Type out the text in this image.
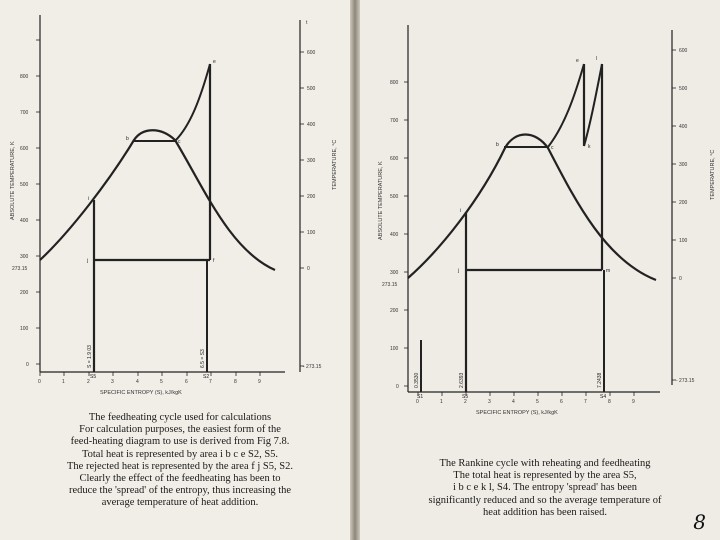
800
700
600
500
400
300
273.15
200
100
0
t
600
500
400
300
200
100
0
- 273.15
0	1	2	3	4	5	6	7	8	9
SPECIFIC ENTROPY (S), kJ/kgK
ABSOLUTE TEMPERATURE, K	TEMPERATURE, °C
b	c
e
i
j	f
S5	S2
S = 1.9 03	6.5 = S3
The feedheating cycle used for calculations
For calculation purposes, the easiest form of the
feed-heating diagram to use is derived from Fig 7.8.
Total heat is represented by area i b c e S2, S5.
The rejected heat is represented by the area f j S5, S2.
Clearly the effect of the feedheating has been to
reduce the 'spread' of the entropy, thus increasing the
average temperature of heat addition.
800
700
600
500
400
300
273.15
200
100
0
600
500
400
300
200
100
0
- 273.15
0	1	2	3	4	5	6	7	8	9
SPECIFIC ENTROPY (S), kJ/kgK
ABSOLUTE TEMPERATURE, K	TEMPERATURE, °C
b	c
e	l
k
i
j	m
S1	S5	S4
0.3530	2.6393	7.2438
The Rankine cycle with reheating and feedheating
The total heat is represented by the area S5,
i b c e k l, S4. The entropy 'spread' has been
significantly reduced and so the average temperature of
heat addition has been raised.	8
